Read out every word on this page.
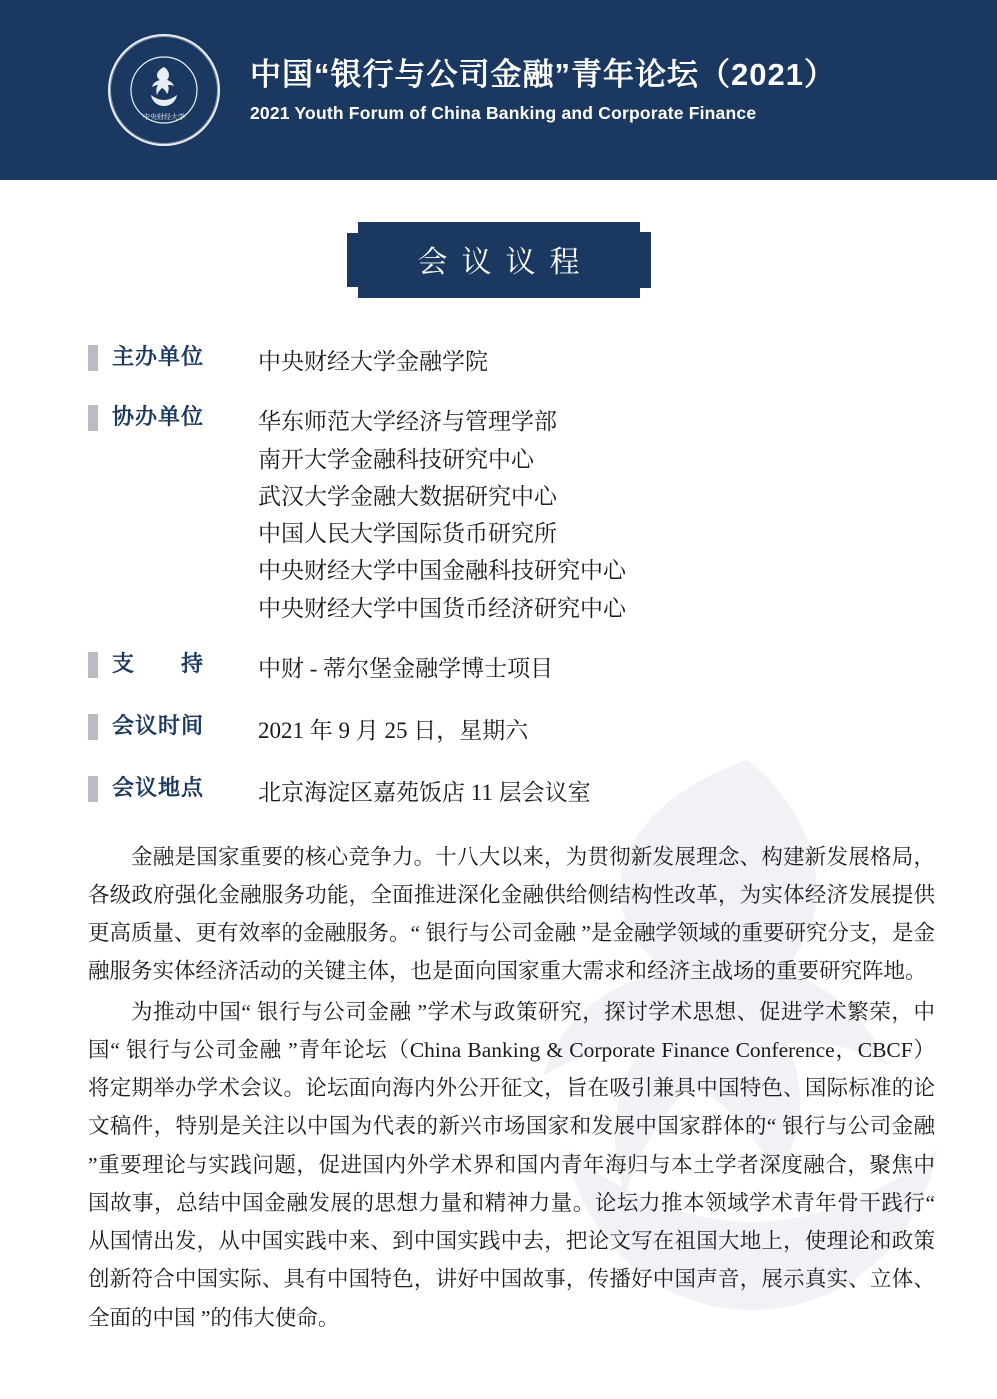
中央财经大学
中国“银行与公司金融”青年论坛（2021）
2021 Youth Forum of China Banking and Corporate Finance
会议议程
主办单位 中央财经大学金融学院
协办单位 华东师范大学经济与管理学部
南开大学金融科技研究中心
武汉大学金融大数据研究中心
中国人民大学国际货币研究所
中央财经大学中国金融科技研究中心
中央财经大学中国货币经济研究中心
支　　持 中财 - 蒂尔堡金融学博士项目
会议时间 2021 年 9 月 25 日，星期六
会议地点 北京海淀区嘉苑饭店 11 层会议室

金融是国家重要的核心竞争力。十八大以来，为贯彻新发展理念、构建新发展格局，各级政府强化金融服务功能，全面推进深化金融供给侧结构性改革，为实体经济发展提供更高质量、更有效率的金融服务。“ 银行与公司金融 ”是金融学领域的重要研究分支，是金融服务实体经济活动的关键主体，也是面向国家重大需求和经济主战场的重要研究阵地。

为推动中国“ 银行与公司金融 ”学术与政策研究，探讨学术思想、促进学术繁荣，中国“ 银行与公司金融 ”青年论坛（China Banking & Corporate Finance Conference，CBCF）将定期举办学术会议。论坛面向海内外公开征文，旨在吸引兼具中国特色、国际标准的论文稿件，特别是关注以中国为代表的新兴市场国家和发展中国家群体的“ 银行与公司金融 ”重要理论与实践问题，促进国内外学术界和国内青年海归与本土学者深度融合，聚焦中国故事，总结中国金融发展的思想力量和精神力量。论坛力推本领域学术青年骨干践行“ 从国情出发，从中国实践中来、到中国实践中去，把论文写在祖国大地上，使理论和政策创新符合中国实际、具有中国特色，讲好中国故事，传播好中国声音，展示真实、立体、全面的中国 ”的伟大使命。
